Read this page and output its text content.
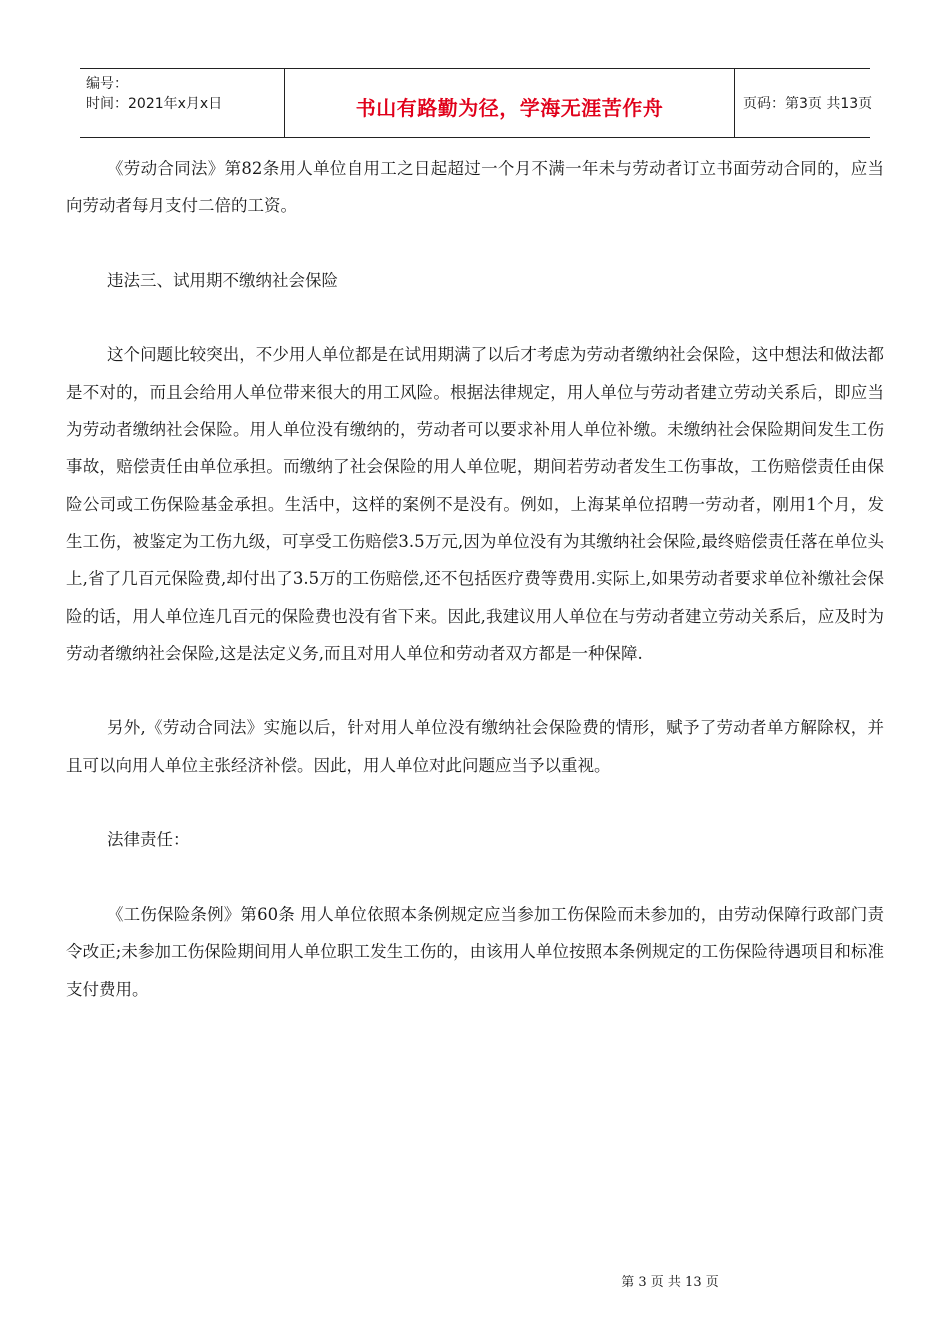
编号：
时间：2021年x月x日	书山有路勤为径，学海无涯苦作舟	页码：第3页 共13页

《劳动合同法》第82条用人单位自用工之日起超过一个月不满一年未与劳动者订立书面劳动合同的，应当向劳动者每月支付二倍的工资。

违法三、试用期不缴纳社会保险

这个问题比较突出，不少用人单位都是在试用期满了以后才考虑为劳动者缴纳社会保险，这中想法和做法都是不对的，而且会给用人单位带来很大的用工风险。根据法律规定，用人单位与劳动者建立劳动关系后，即应当为劳动者缴纳社会保险。用人单位没有缴纳的，劳动者可以要求补用人单位补缴。未缴纳社会保险期间发生工伤事故，赔偿责任由单位承担。而缴纳了社会保险的用人单位呢，期间若劳动者发生工伤事故，工伤赔偿责任由保险公司或工伤保险基金承担。生活中，这样的案例不是没有。例如，上海某单位招聘一劳动者，刚用1个月，发生工伤，被鉴定为工伤九级，可享受工伤赔偿3.5万元,因为单位没有为其缴纳社会保险,最终赔偿责任落在单位头上,省了几百元保险费,却付出了3.5万的工伤赔偿,还不包括医疗费等费用.实际上,如果劳动者要求单位补缴社会保险的话，用人单位连几百元的保险费也没有省下来。因此,我建议用人单位在与劳动者建立劳动关系后，应及时为劳动者缴纳社会保险,这是法定义务,而且对用人单位和劳动者双方都是一种保障.

另外,《劳动合同法》实施以后，针对用人单位没有缴纳社会保险费的情形，赋予了劳动者单方解除权，并且可以向用人单位主张经济补偿。因此，用人单位对此问题应当予以重视。

法律责任：

《工伤保险条例》第60条 用人单位依照本条例规定应当参加工伤保险而未参加的，由劳动保障行政部门责令改正;未参加工伤保险期间用人单位职工发生工伤的，由该用人单位按照本条例规定的工伤保险待遇项目和标准支付费用。

第 3 页 共 13 页
